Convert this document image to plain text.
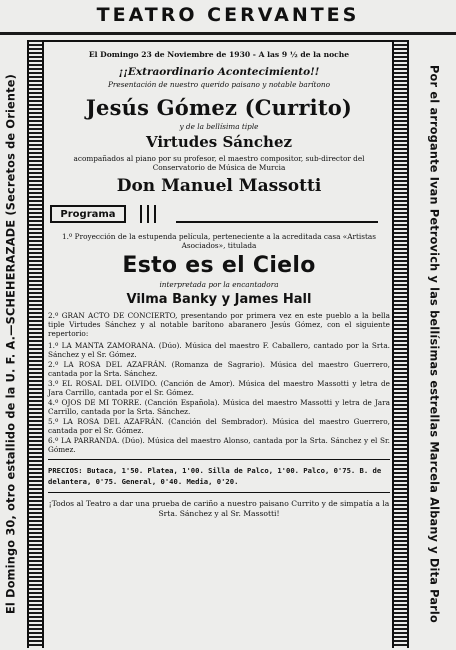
TEATRO CERVANTES
El Domingo 30, otro estallido de la U. F. A.—SCHEHERAZADE (Secretos de Oriente)	Por el arrogante Ivan Petrovich y las bellísimas estrellas Marcela Albany y Dita Parlo
El Domingo 23 de Noviembre de 1930 - A las 9 ½ de la noche
¡¡Extraordinario Acontecimiento!!
Presentación de nuestro querido paisano y notable barítono
Jesús Gómez (Currito)
y de la bellísima tiple
Virtudes Sánchez
acompañados al piano por su profesor, el maestro compositor, sub-director del Conservatorio de Música de Murcia
Don Manuel Massotti
Programa
1.º Proyección de la estupenda película, perteneciente a la acreditada casa «Artistas Asociados», titulada
Esto es el Cielo
interpretada por la encantadora
Vilma Banky y James Hall
2.º GRAN ACTO DE CONCIERTO, presentando por primera vez en este pueblo a la bella tiple Virtudes Sánchez y al notable barítono abaranero Jesús Gómez, con el siguiente repertorio:
1.º LA MANTA ZAMORANA. (Dúo). Música del maestro F. Caballero, cantado por la Srta. Sánchez y el Sr. Gómez.
2.º LA ROSA DEL AZAFRÁN. (Romanza de Sagrario). Música del maestro Guerrero, cantada por la Srta. Sánchez.
3.º EL ROSAL DEL OLVIDO. (Canción de Amor). Música del maestro Massotti y letra de Jara Carrillo, cantada por el Sr. Gómez.
4.º OJOS DE MI TORRE. (Canción Española). Música del maestro Massotti y letra de Jara Carrillo, cantada por la Srta. Sánchez.
5.º LA ROSA DEL AZAFRÁN. (Canción del Sembrador). Música del maestro Guerrero, cantada por el Sr. Gómez.
6.º LA PARRANDA. (Dúo). Música del maestro Alonso, cantada por la Srta. Sánchez y el Sr. Gómez.
PRECIOS: Butaca, 1'50. Platea, 1'00. Silla de Palco, 1'00. Palco, 0'75. B. de delantera, 0'75. General, 0'40. Media, 0'20.
¡Todos al Teatro a dar una prueba de cariño a nuestro paisano Currito y de simpatía a la Srta. Sánchez y al Sr. Massotti!
